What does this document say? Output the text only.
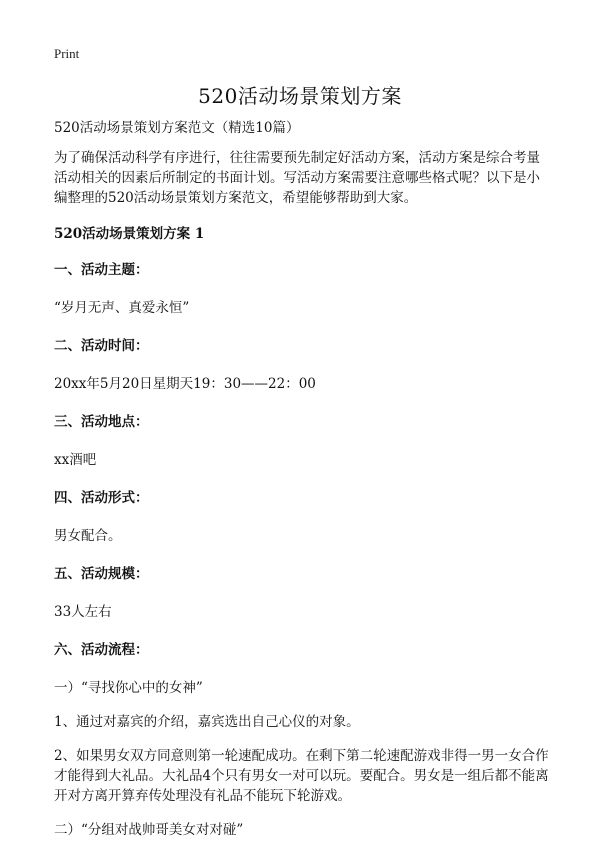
Print
520活动场景策划方案

520活动场景策划方案范文（精选10篇）

为了确保活动科学有序进行，往往需要预先制定好活动方案，活动方案是综合考量活动相关的因素后所制定的书面计划。写活动方案需要注意哪些格式呢？以下是小编整理的520活动场景策划方案范文，希望能够帮助到大家。

520活动场景策划方案 1

一、活动主题：

“岁月无声、真爱永恒”

二、活动时间：

20xx年5月20日星期天19：30——22：00

三、活动地点：

xx酒吧

四、活动形式：

男女配合。

五、活动规模：

33人左右

六、活动流程：

一）“寻找你心中的女神”

1、通过对嘉宾的介绍，嘉宾选出自己心仪的对象。

2、如果男女双方同意则第一轮速配成功。在剩下第二轮速配游戏非得一男一女合作才能得到大礼品。大礼品4个只有男女一对可以玩。要配合。男女是一组后都不能离开对方离开算弃传处理没有礼品不能玩下轮游戏。

二）“分组对战帅哥美女对对碰”
